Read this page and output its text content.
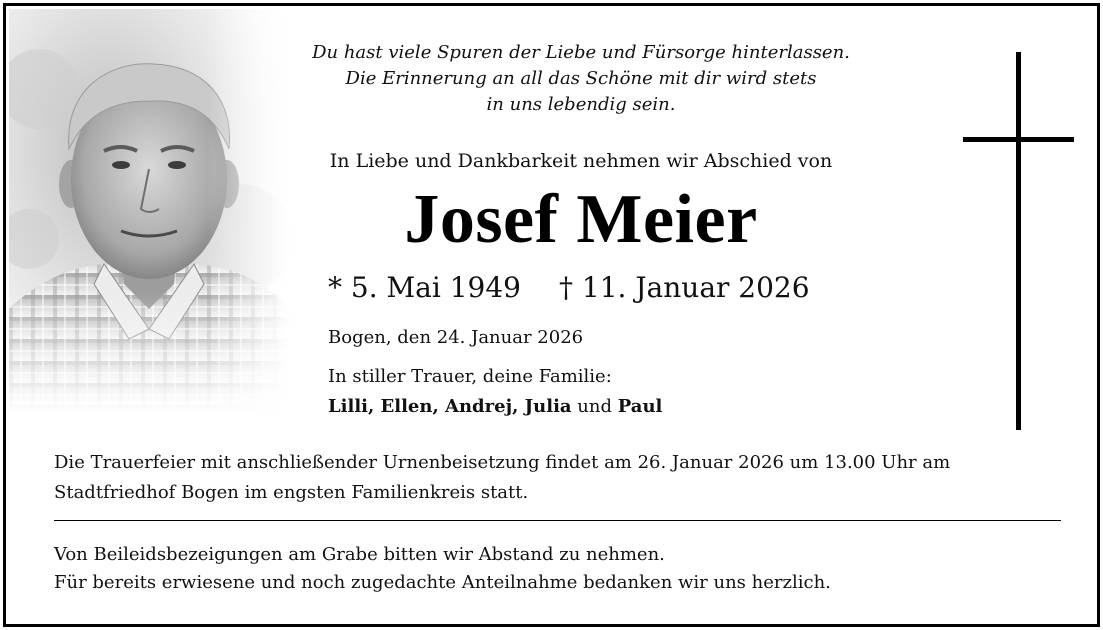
Du hast viele Spuren der Liebe und Fürsorge hinterlassen.
Die Erinnerung an all das Schöne mit dir wird stets
in uns lebendig sein.
In Liebe und Dankbarkeit nehmen wir Abschied von
Josef Meier
* 5. Mai 1949 † 11. Januar 2026
Bogen, den 24. Januar 2026
In stiller Trauer, deine Familie:
Lilli, Ellen, Andrej, Julia und Paul
Die Trauerfeier mit anschließender Urnenbeisetzung findet am 26. Januar 2026 um 13.00 Uhr am Stadtfriedhof Bogen im engsten Familienkreis statt.
Von Beileidsbezeigungen am Grabe bitten wir Abstand zu nehmen.
Für bereits erwiesene und noch zugedachte Anteilnahme bedanken wir uns herzlich.
